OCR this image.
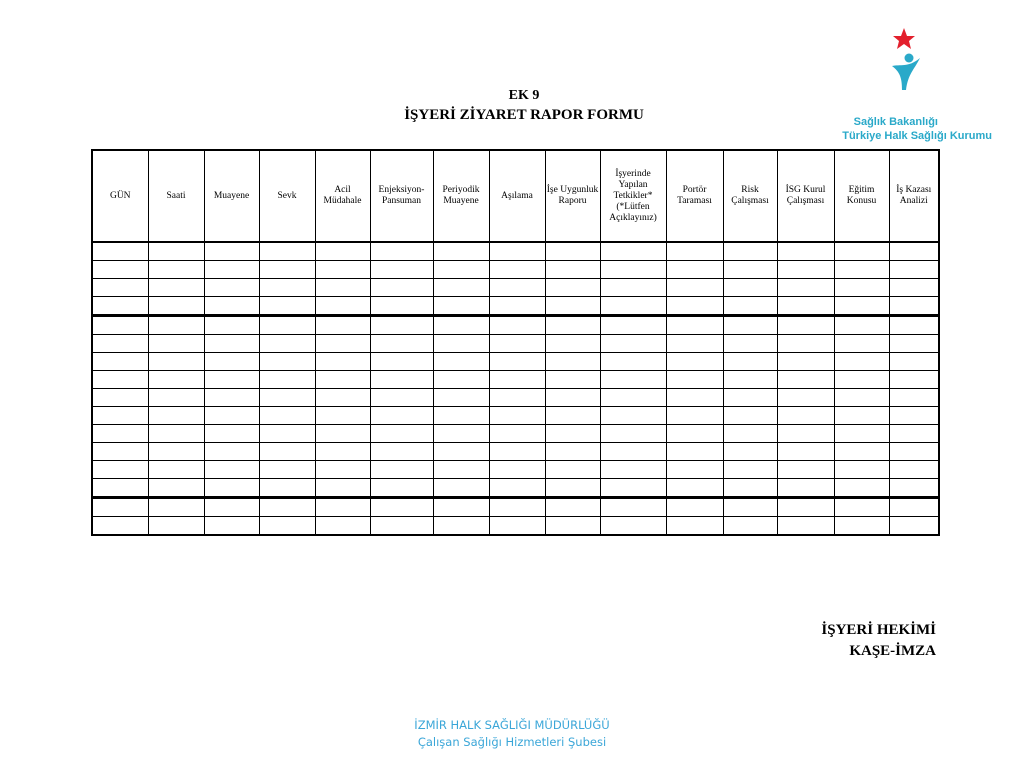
Sağlık Bakanlığı
Türkiye Halk Sağlığı Kurumu
EK 9
İŞYERİ ZİYARET RAPOR FORMU
GÜN	Saati	Muayene	Sevk	Acil Müdahale	Enjeksiyon-Pansuman	Periyodik Muayene	Aşılama	İşe Uygunluk Raporu	İşyerinde Yapılan Tetkikler* (*Lütfen Açıklayınız)	Portör Taraması	Risk Çalışması	İSG Kurul Çalışması	Eğitim Konusu	İş Kazası Analizi

İŞYERİ HEKİMİ
KAŞE-İMZA
İZMİR HALK SAĞLIĞI MÜDÜRLÜĞÜ
Çalışan Sağlığı Hizmetleri Şubesi
